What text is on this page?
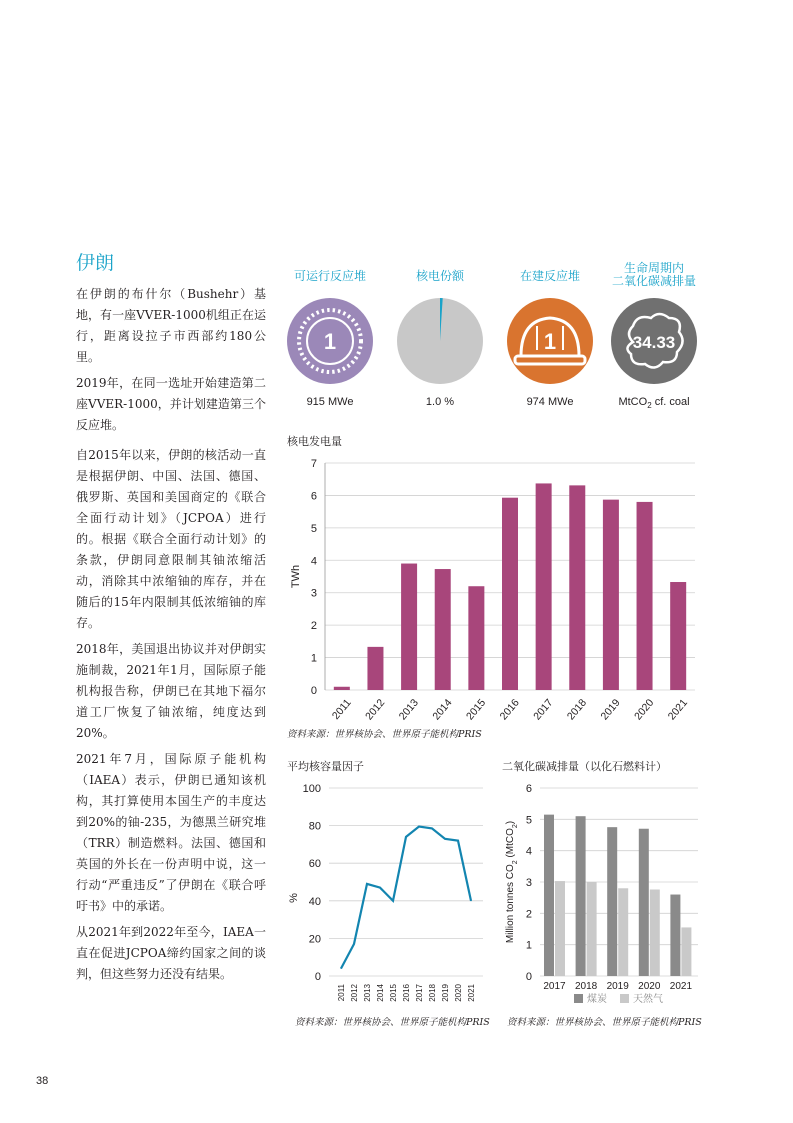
伊朗

在伊朗的布什尔（Bushehr）基地，有一座VVER-1000机组正在运行，距离设拉子市西部约180公里。

2019年，在同一选址开始建造第二座VVER-1000，并计划建造第三个反应堆。

自2015年以来，伊朗的核活动一直是根据伊朗、中国、法国、德国、俄罗斯、英国和美国商定的《联合全面行动计划》（JCPOA）进行的。根据《联合全面行动计划》的条款，伊朗同意限制其铀浓缩活动，消除其中浓缩铀的库存，并在随后的15年内限制其低浓缩铀的库存。

2018年，美国退出协议并对伊朗实施制裁，2021年1月，国际原子能机构报告称，伊朗已在其地下福尔道工厂恢复了铀浓缩，纯度达到20%。

2021年7月，国际原子能机构（IAEA）表示，伊朗已通知该机构，其打算使用本国生产的丰度达到20%的铀-235，为德黑兰研究堆（TRR）制造燃料。法国、德国和英国的外长在一份声明中说，这一行动“严重违反”了伊朗在《联合呼吁书》中的承诺。

从2021年到2022年至今，IAEA一直在促进JCPOA缔约国家之间的谈判，但这些努力还没有结果。

可运行反应堆
1
915 MWe
核电份额
1.0 %
在建反应堆
1
974 MWe
生命周期内
二氧化碳减排量
34.33
MtCO$_2$ cf. coal
核电发电量
0
1
2
3
4
5
6
7
TWh
2011 2012 2013 2014 2015 2016 2017 2018 2019 2020 2021
资料来源：世界核协会、世界原子能机构PRIS
平均核容量因子
0
20
40
60
80
100
%
2011 2012 2013 2014 2015 2016 2017 2018 2019 2020 2021
资料来源：世界核协会、世界原子能机构PRIS
二氧化碳减排量（以化石燃料计）
0
1
2
3
4
5
6
Million tonnes $CO_2$ (MtCO$_2$)
2017 2018 2019 2020 2021
煤炭	天然气
资料来源：世界核协会、世界原子能机构PRIS
38
